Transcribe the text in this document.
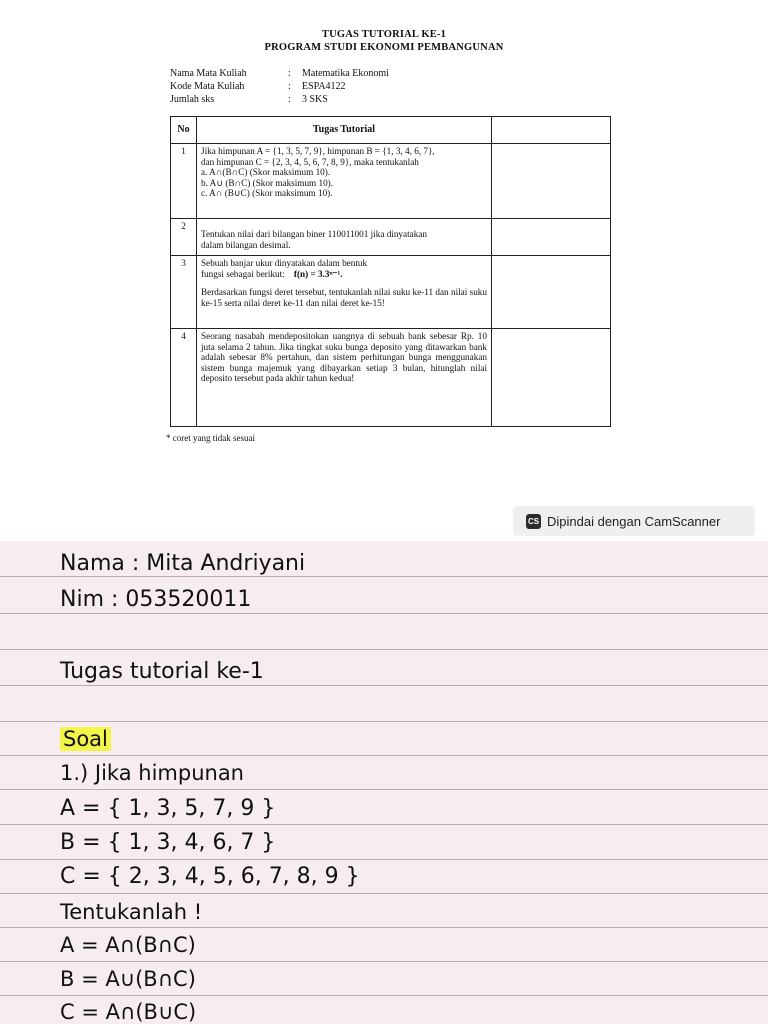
TUGAS TUTORIAL KE-1
PROGRAM STUDI EKONOMI PEMBANGUNAN
Nama Mata Kuliah	:	Matematika Ekonomi
Kode Mata Kuliah	:	ESPA4122
Jumlah sks	:	3 SKS
No	Tugas Tutorial	
1	Jika himpunan A = {1, 3, 5, 7, 9}, himpunan B = {1, 3, 4, 6, 7},

dan himpunan C = {2, 3, 4, 5, 6, 7, 8, 9}, maka tentukanlah

a. A∩(B∩C) (Skor maksimum 10).

b. A∪ (B∩C) (Skor maksimum 10).

c. A∩ (B∪C) (Skor maksimum 10).	

2	Tentukan nilai dari bilangan biner 110011001 jika dinyatakan

dalam bilangan desimal.	

3	Sebuah banjar ukur dinyatakan dalam bentuk

fungsi sebagai berikut: f(n) = 3.3ⁿ⁻¹.

Berdasarkan fungsi deret tersebut, tentukanlah nilai suku ke-11 dan nilai suku ke-15 serta nilai deret ke-11 dan nilai deret ke-15!	

4	Seorang nasabah mendepositokan uangnya di sebuah bank sebesar Rp. 10 juta selama 2 tahun. Jika tingkat suku bunga deposito yang ditawarkan bank adalah sebesar 8% pertahun, dan sistem perhitungan bunga menggunakan sistem bunga majemuk yang dibayarkan setiap 3 bulan, hitunglah nilai deposito tersebut pada akhir tahun kedua!	

* coret yang tidak sesuai
CS Dipindai dengan CamScanner
Nama : Mita Andriyani
Nim : 053520011
Tugas tutorial ke-1
Soal
1.) Jika himpunan
A = { 1, 3, 5, 7, 9 }
B = { 1, 3, 4, 6, 7 }
C = { 2, 3, 4, 5, 6, 7, 8, 9 }
Tentukanlah !
A = A∩(B∩C)
B = A∪(B∩C)
C = A∩(B∪C)
